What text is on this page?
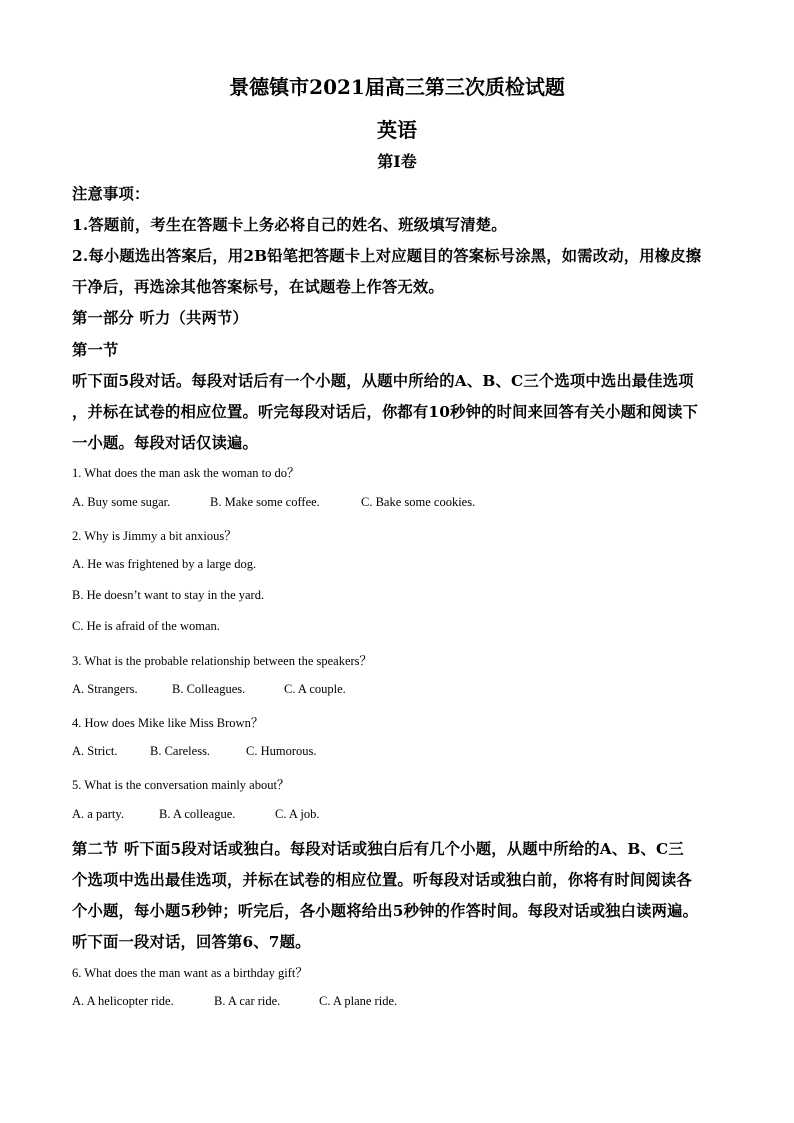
景德镇市2021届高三第三次质检试题
英语
第I卷
注意事项：
1.答题前，考生在答题卡上务必将自己的姓名、班级填写清楚。
2.每小题选出答案后，用2B铅笔把答题卡上对应题目的答案标号涂黑，如需改动，用橡皮擦
干净后，再选涂其他答案标号，在试题卷上作答无效。
第一部分 听力（共两节）
第一节
听下面5段对话。每段对话后有一个小题，从题中所给的A、B、C三个选项中选出最佳选项
，并标在试卷的相应位置。听完每段对话后，你都有10秒钟的时间来回答有关小题和阅读下
一小题。每段对话仅读遍。
1. What does the man ask the woman to do？
A. Buy some sugar.	B. Make some coffee.	C. Bake some cookies.
2. Why is Jimmy a bit anxious？
A. He was frightened by a large dog.
B. He doesn’t want to stay in the yard.
C. He is afraid of the woman.
3. What is the probable relationship between the speakers？
A. Strangers.	B. Colleagues.	C. A couple.
4. How does Mike like Miss Brown？
A. Strict.	B. Careless.	C. Humorous.
5. What is the conversation mainly about？
A. a party.	B. A colleague.	C. A job.
第二节 听下面5段对话或独白。每段对话或独白后有几个小题，从题中所给的A、B、C三
个选项中选出最佳选项，并标在试卷的相应位置。听每段对话或独白前，你将有时间阅读各
个小题，每小题5秒钟；听完后，各小题将给出5秒钟的作答时间。每段对话或独白读两遍。
听下面一段对话，回答第6、7题。
6. What does the man want as a birthday gift？
A. A helicopter ride.	B. A car ride.	C. A plane ride.
